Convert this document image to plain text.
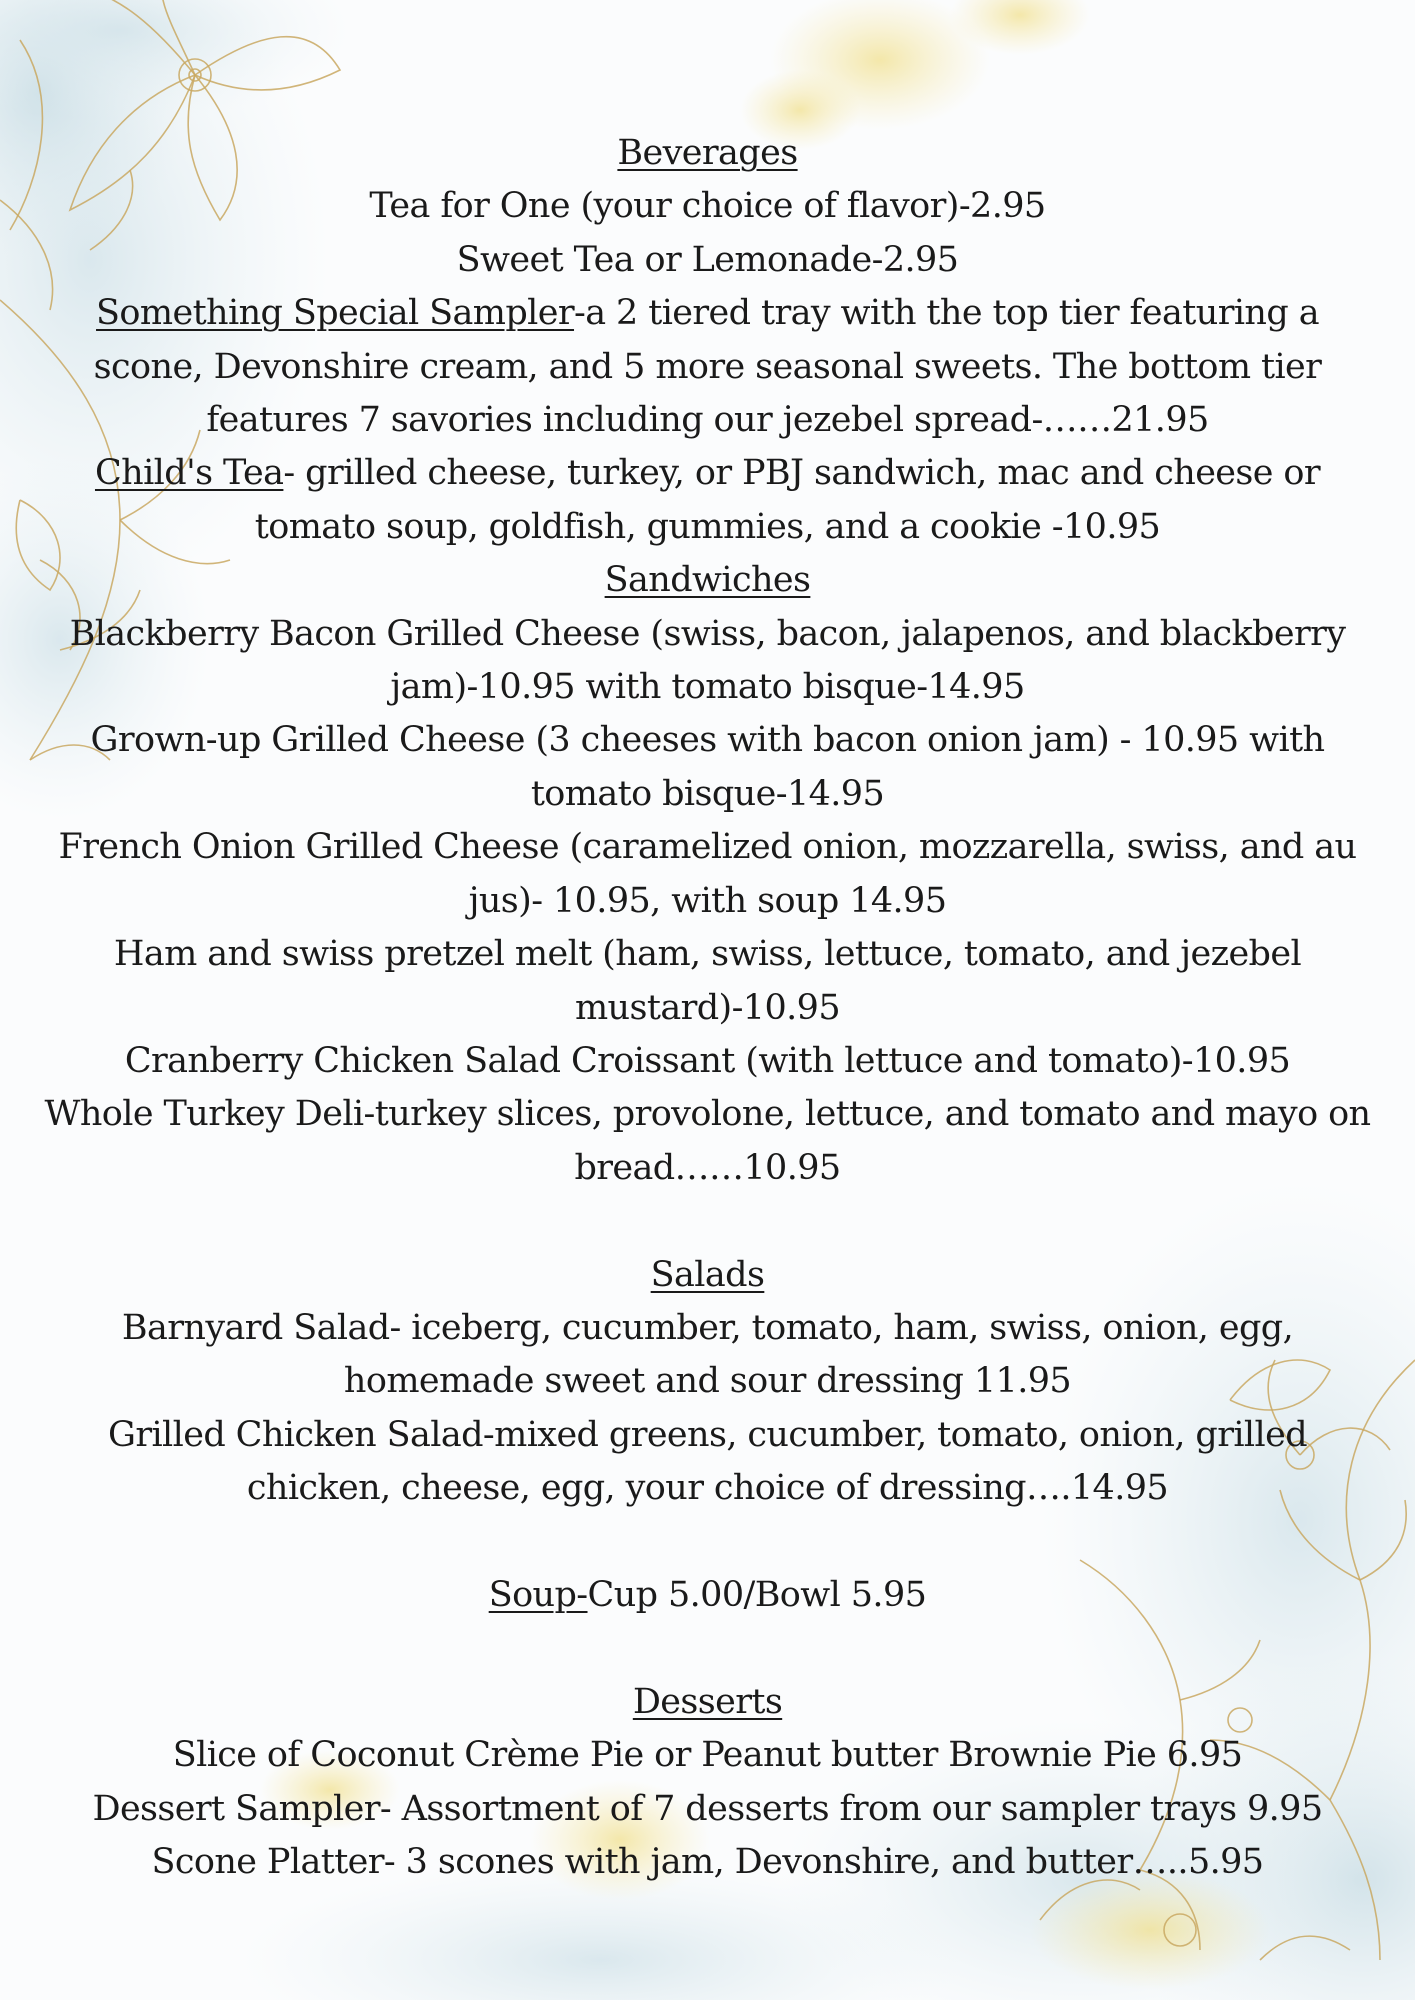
Beverages

Tea for One (your choice of flavor)-2.95

Sweet Tea or Lemonade-2.95

Something Special Sampler-a 2 tiered tray with the top tier featuring a scone, Devonshire cream, and 5 more seasonal sweets. The bottom tier features 7 savories including our jezebel spread-……21.95

Child's Tea- grilled cheese, turkey, or PBJ sandwich, mac and cheese or tomato soup, goldfish, gummies, and a cookie -10.95

Sandwiches

Blackberry Bacon Grilled Cheese (swiss, bacon, jalapenos, and blackberry jam)-10.95 with tomato bisque-14.95

Grown-up Grilled Cheese (3 cheeses with bacon onion jam) - 10.95 with tomato bisque-14.95

French Onion Grilled Cheese (caramelized onion, mozzarella, swiss, and au jus)- 10.95, with soup 14.95

Ham and swiss pretzel melt (ham, swiss, lettuce, tomato, and jezebel mustard)-10.95

Cranberry Chicken Salad Croissant (with lettuce and tomato)-10.95

Whole Turkey Deli-turkey slices, provolone, lettuce, and tomato and mayo on bread……10.95

Salads

Barnyard Salad- iceberg, cucumber, tomato, ham, swiss, onion, egg, homemade sweet and sour dressing 11.95

Grilled Chicken Salad-mixed greens, cucumber, tomato, onion, grilled chicken, cheese, egg, your choice of dressing….14.95

Soup-Cup 5.00/Bowl 5.95

Desserts

Slice of Coconut Crème Pie or Peanut butter Brownie Pie 6.95

Dessert Sampler- Assortment of 7 desserts from our sampler trays 9.95

Scone Platter- 3 scones with jam, Devonshire, and butter…..5.95
